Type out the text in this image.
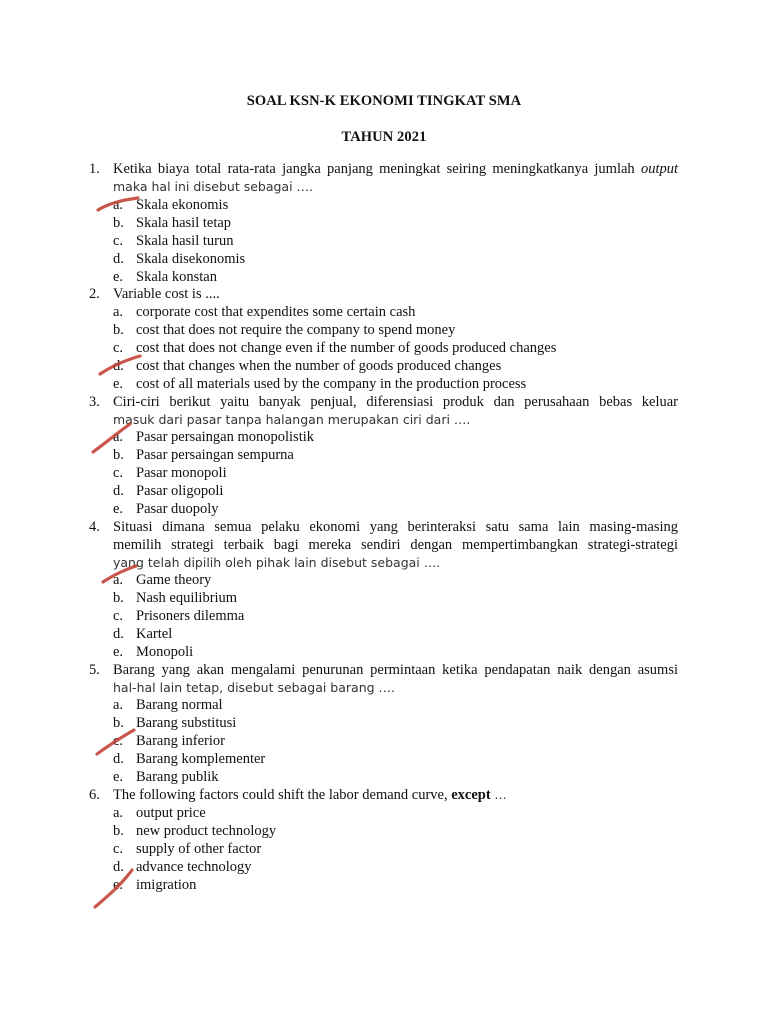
SOAL KSN-K EKONOMI TINGKAT SMA
TAHUN 2021
1. Ketika biaya total rata-rata jangka panjang meningkat seiring meningkatkanya jumlah output
maka hal ini disebut sebagai ….
a. Skala ekonomis
b. Skala hasil tetap
c. Skala hasil turun
d. Skala disekonomis
e. Skala konstan
2. Variable cost is ....
a. corporate cost that expendites some certain cash
b. cost that does not require the company to spend money
c. cost that does not change even if the number of goods produced changes
d. cost that changes when the number of goods produced changes
e. cost of all materials used by the company in the production process
3. Ciri-ciri berikut yaitu banyak penjual, diferensiasi produk dan perusahaan bebas keluar
masuk dari pasar tanpa halangan merupakan ciri dari ….
a. Pasar persaingan monopolistik
b. Pasar persaingan sempurna
c. Pasar monopoli
d. Pasar oligopoli
e. Pasar duopoly
4. Situasi dimana semua pelaku ekonomi yang berinteraksi satu sama lain masing-masing
memilih strategi terbaik bagi mereka sendiri dengan mempertimbangkan strategi-strategi
yang telah dipilih oleh pihak lain disebut sebagai ….
a. Game theory
b. Nash equilibrium
c. Prisoners dilemma
d. Kartel
e. Monopoli
5. Barang yang akan mengalami penurunan permintaan ketika pendapatan naik dengan asumsi
hal-hal lain tetap, disebut sebagai barang ….
a. Barang normal
b. Barang substitusi
c. Barang inferior
d. Barang komplementer
e. Barang publik
6. The following factors could shift the labor demand curve, except …
a. output price
b. new product technology
c. supply of other factor
d. advance technology
e. imigration
